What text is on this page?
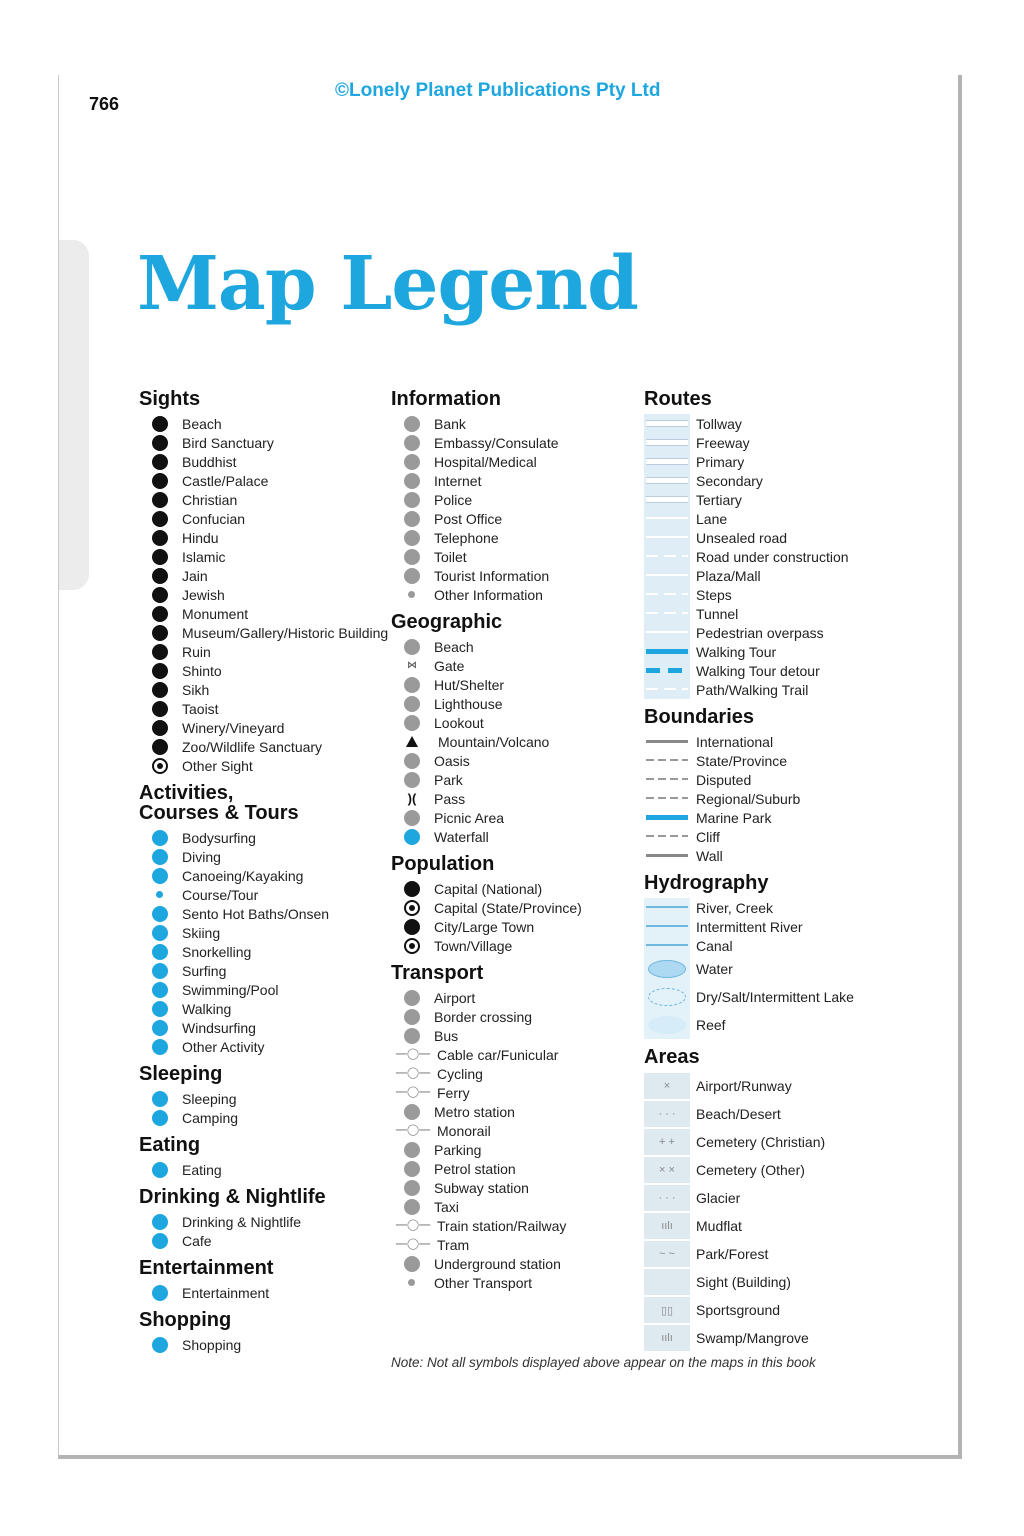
766
©Lonely Planet Publications Pty Ltd
Map Legend
Sights
Beach
Bird Sanctuary
Buddhist
Castle/Palace
Christian
Confucian
Hindu
Islamic
Jain
Jewish
Monument
Museum/Gallery/Historic Building
Ruin
Shinto
Sikh
Taoist
Winery/Vineyard
Zoo/Wildlife Sanctuary
Other Sight
Activities,
Courses & Tours
Bodysurfing
Diving
Canoeing/Kayaking
Course/Tour
Sento Hot Baths/Onsen
Skiing
Snorkelling
Surfing
Swimming/Pool
Walking
Windsurfing
Other Activity
Sleeping
Sleeping
Camping
Eating
Eating
Drinking & Nightlife
Drinking & Nightlife
Cafe
Entertainment
Entertainment
Shopping
Shopping
Information
Bank
Embassy/Consulate
Hospital/Medical
Internet
Police
Post Office
Telephone
Toilet
Tourist Information
Other Information
Geographic
Beach
⋈ Gate
Hut/Shelter
Lighthouse
Lookout
Mountain/Volcano
Oasis
Park
)( Pass
Picnic Area
Waterfall
Population
Capital (National)
Capital (State/Province)
City/Large Town
Town/Village
Transport
Airport
Border crossing
Bus
—◯— Cable car/Funicular
—◯— Cycling
—◯— Ferry
Metro station
—◯— Monorail
Parking
Petrol station
Subway station
Taxi
—◯— Train station/Railway
—◯— Tram
Underground station
Other Transport
Routes
Tollway
Freeway
Primary
Secondary
Tertiary
Lane
Unsealed road
Road under construction
Plaza/Mall
Steps
Tunnel
Pedestrian overpass
Walking Tour
Walking Tour detour
Path/Walking Trail
Boundaries
International
State/Province
Disputed
Regional/Suburb
Marine Park
Cliff
Wall
Hydrography
River, Creek
Intermittent River
Canal
Water
Dry/Salt/Intermittent Lake
Reef
Areas
×	Airport/Runway
· · ·	Beach/Desert
+ +	Cemetery (Christian)
× ×	Cemetery (Other)
· · ·	Glacier
ıılı	Mudflat
~ ~	Park/Forest
Sight (Building)
▯▯	Sportsground
ıılı	Swamp/Mangrove
Note: Not all symbols displayed above appear on the maps in this book
